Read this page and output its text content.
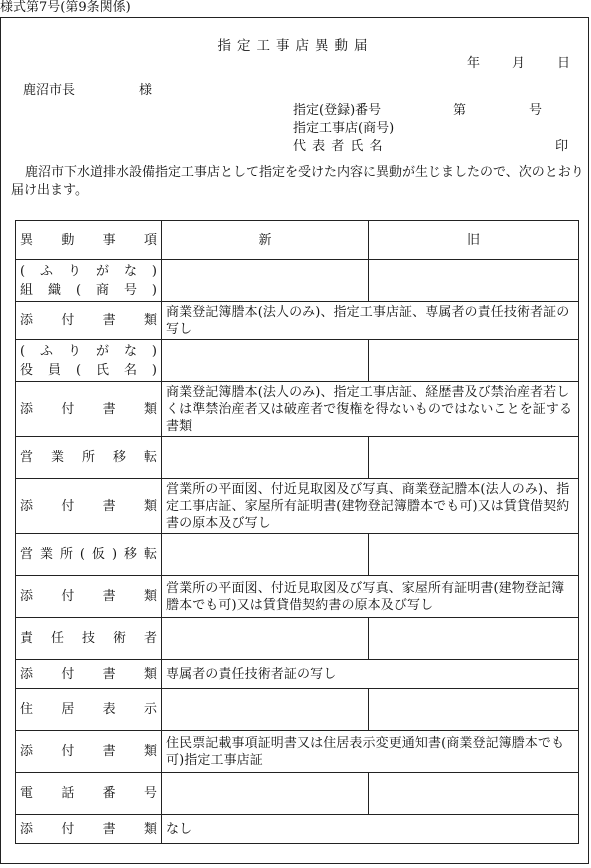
様式第7号(第9条関係)
指定工事店異動届
年 月 日
鹿沼市長	様
指定(登録)番号	第	号
指定工事店(商号)
代 表 者 氏 名	印
鹿沼市下水道排水設備指定工事店として指定を受けた内容に異動が生じましたので、次のとおり届け出ます。
異　動　事　項	新	旧

(ふりがな)
組織(商号)		

添付書類	商業登記簿謄本(法人のみ)、指定工事店証、専属者の責任技術者証の写し	

(ふりがな)
役員(氏名)		

添付書類	商業登記簿謄本(法人のみ)、指定工事店証、経歴書及び禁治産者若しくは準禁治産者又は破産者で復権を得ないものではないことを証する書類	
営業所移転		
添付書類	営業所の平面図、付近見取図及び写真、商業登記謄本(法人のみ)、指定工事店証、家屋所有証明書(建物登記簿謄本でも可)又は賃貸借契約書の原本及び写し	
営業所(仮)移転		
添付書類	営業所の平面図、付近見取図及び写真、家屋所有証明書(建物登記簿謄本でも可)又は賃貸借契約書の原本及び写し	
責任技術者		
添付書類	専属者の責任技術者証の写し	
住居表示		
添付書類	住民票記載事項証明書又は住居表示変更通知書(商業登記簿謄本でも可)指定工事店証	
電話番号		
添付書類	なし	
